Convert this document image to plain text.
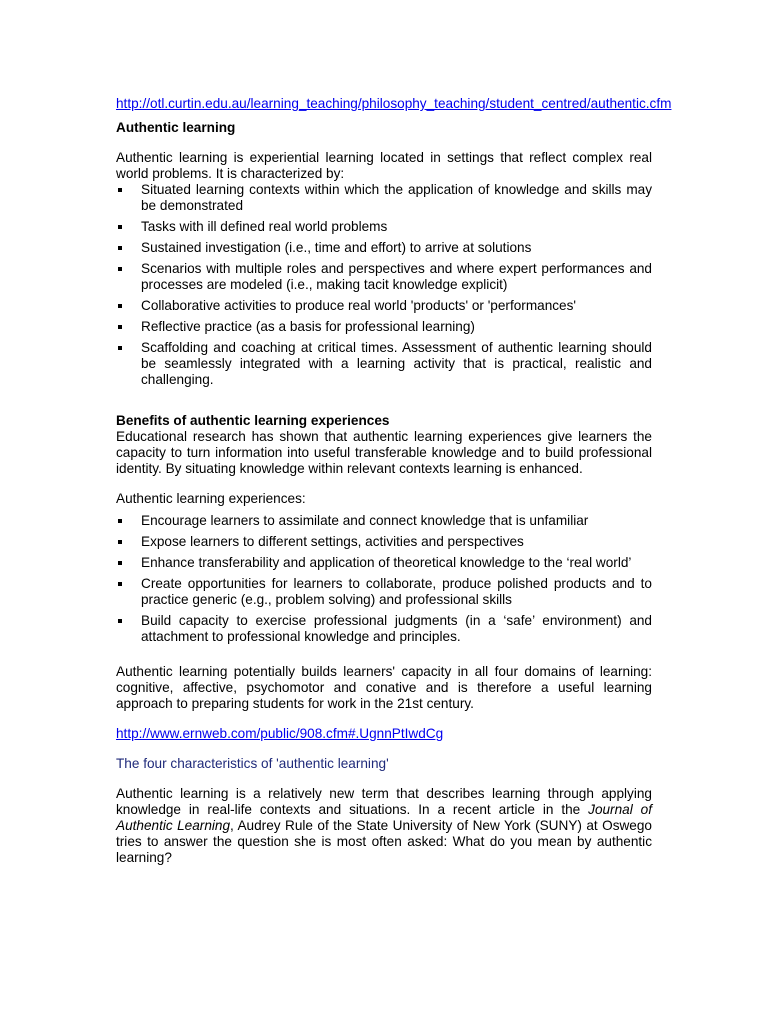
http://otl.curtin.edu.au/learning_teaching/philosophy_teaching/student_centred/authentic.cfm
Authentic learning

Authentic learning is experiential learning located in settings that reflect complex real world problems. It is characterized by:

Situated learning contexts within which the application of knowledge and skills may be demonstrated
Tasks with ill defined real world problems
Sustained investigation (i.e., time and effort) to arrive at solutions
Scenarios with multiple roles and perspectives and where expert performances and processes are modeled (i.e., making tacit knowledge explicit)
Collaborative activities to produce real world 'products' or 'performances'
Reflective practice (as a basis for professional learning)
Scaffolding and coaching at critical times. Assessment of authentic learning should be seamlessly integrated with a learning activity that is practical, realistic and challenging.
Benefits of authentic learning experiences

Educational research has shown that authentic learning experiences give learners the capacity to turn information into useful transferable knowledge and to build professional identity. By situating knowledge within relevant contexts learning is enhanced.

Authentic learning experiences:

Encourage learners to assimilate and connect knowledge that is unfamiliar
Expose learners to different settings, activities and perspectives
Enhance transferability and application of theoretical knowledge to the ‘real world’
Create opportunities for learners to collaborate, produce polished products and to practice generic (e.g., problem solving) and professional skills
Build capacity to exercise professional judgments (in a ‘safe’ environment) and attachment to professional knowledge and principles.

Authentic learning potentially builds learners' capacity in all four domains of learning: cognitive, affective, psychomotor and conative and is therefore a useful learning approach to preparing students for work in the 21st century.

http://www.ernweb.com/public/908.cfm#.UgnnPtIwdCg
The four characteristics of 'authentic learning'

Authentic learning is a relatively new term that describes learning through applying knowledge in real-life contexts and situations. In a recent article in the Journal of Authentic Learning, Audrey Rule of the State University of New York (SUNY) at Oswego tries to answer the question she is most often asked: What do you mean by authentic learning?
